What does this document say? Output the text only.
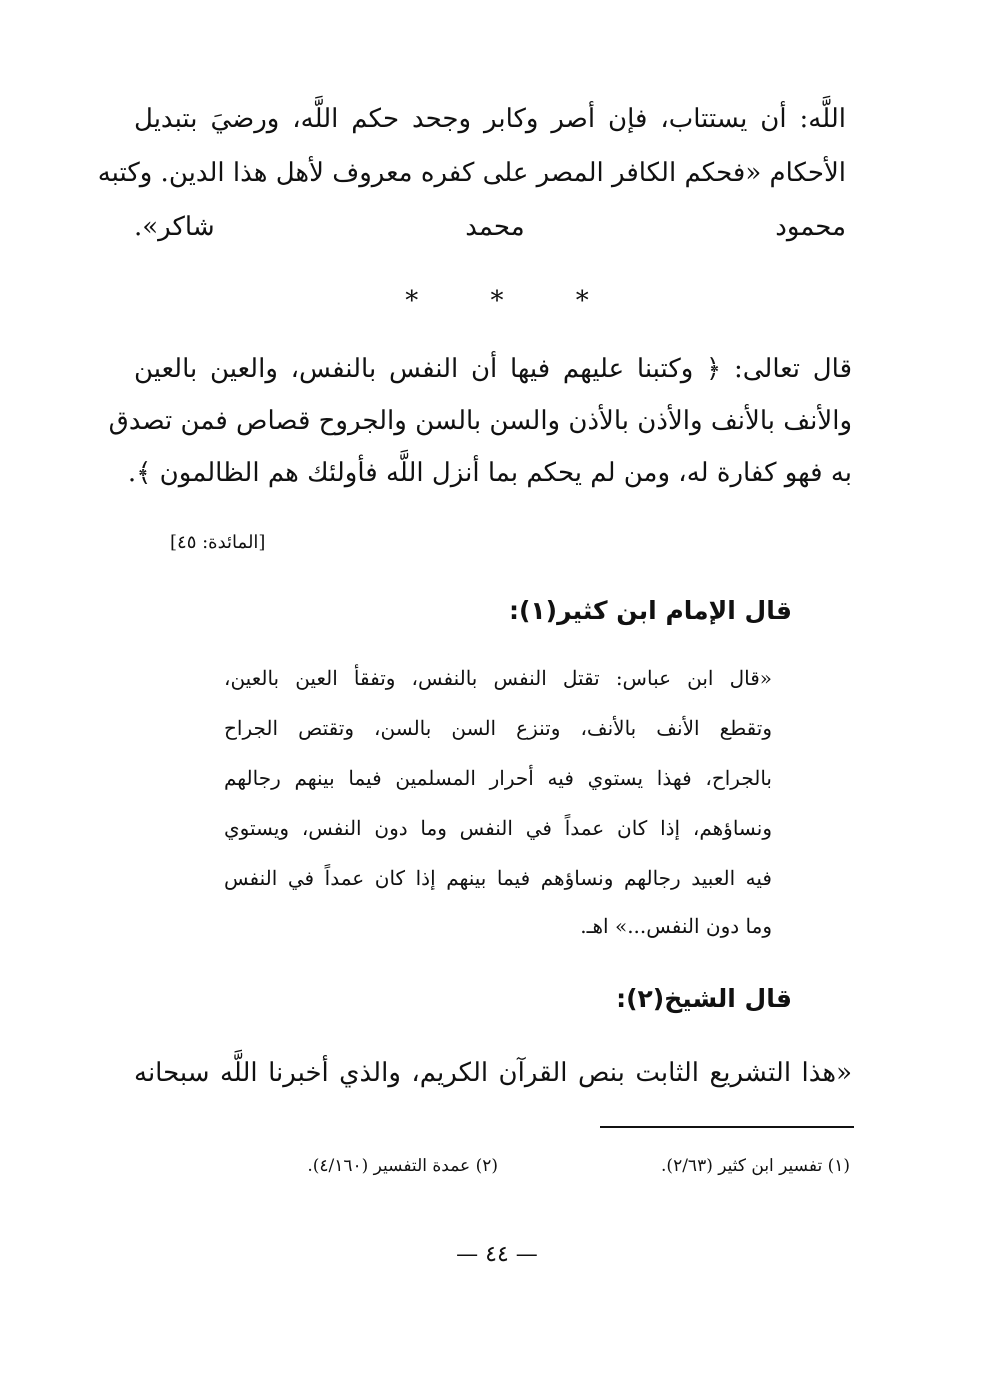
اللَّه: أن يستتاب، فإن أصر وكابر وجحد حكم اللَّه، ورضيَ بتبديل
الأحكام «فحكم الكافر المصر على كفره معروف لأهل هذا الدين. وكتبه
محمود محمد شاكر».
* * *
قال تعالى: ﴿ وكتبنا عليهم فيها أن النفس بالنفس، والعين بالعين
والأنف بالأنف والأذن بالأذن والسن بالسن والجروح قصاص فمن تصدق
به فهو كفارة له، ومن لم يحكم بما أنزل اللَّه فأولئك هم الظالمون ﴾.
[المائدة: ٤٥]
قال الإمام ابن كثير(١):
«قال ابن عباس: تقتل النفس بالنفس، وتفقأ العين بالعين،
وتقطع الأنف بالأنف، وتنزع السن بالسن، وتقتص الجراح
بالجراح، فهذا يستوي فيه أحرار المسلمين فيما بينهم رجالهم
ونساؤهم، إذا كان عمداً في النفس وما دون النفس، ويستوي
فيه العبيد رجالهم ونساؤهم فيما بينهم إذا كان عمداً في النفس
وما دون النفس...» اهـ.
قال الشيخ(٢):
«هذا التشريع الثابت بنص القرآن الكريم، والذي أخبرنا اللَّه سبحانه
(١) تفسير ابن كثير (٢/٦٣).
(٢) عمدة التفسير (٤/١٦٠).
— ٤٤ —
